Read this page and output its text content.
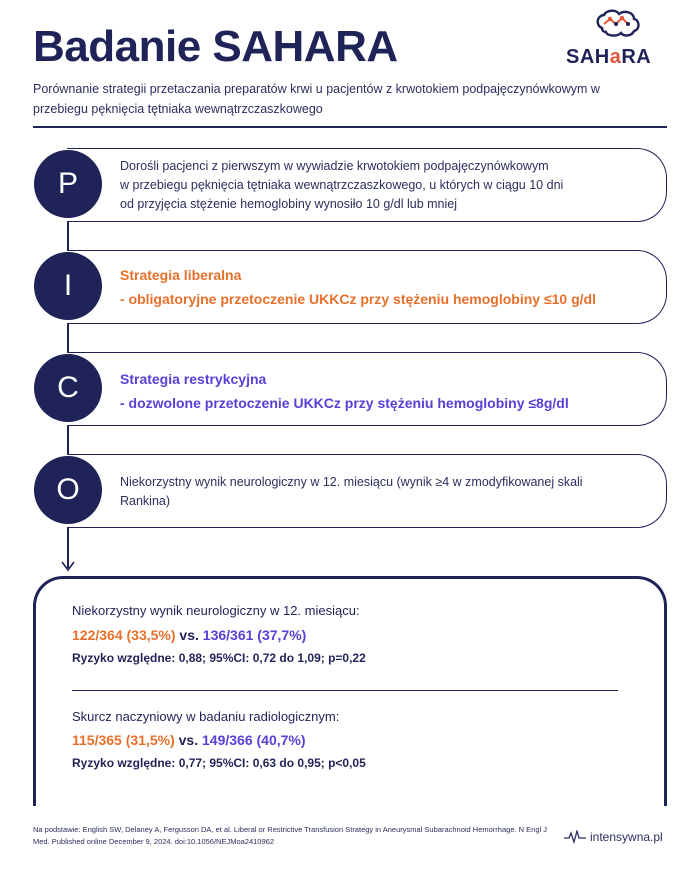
Badanie SAHARA	SAHaRA
Porównanie strategii przetaczania preparatów krwi u pacjentów z krwotokiem podpajęczynówkowym w przebiegu pęknięcia tętniaka wewnątrzczaszkowego
P
Dorośli pacjenci z pierwszym w wywiadzie krwotokiem podpajęczynówkowym
w przebiegu pęknięcia tętniaka wewnątrzczaszkowego, u których w ciągu 10 dni
od przyjęcia stężenie hemoglobiny wynosiło 10 g/dl lub mniej
I	Strategia liberalna
- obligatoryjne przetoczenie UKKCz przy stężeniu hemoglobiny ≤10 g/dl
C	Strategia restrykcyjna
- dozwolone przetoczenie UKKCz przy stężeniu hemoglobiny ≤8g/dl
O	Niekorzystny wynik neurologiczny w 12. miesiącu (wynik ≥4 w zmodyfikowanej skali
Rankina)
Niekorzystny wynik neurologiczny w 12. miesiącu:
122/364 (33,5%) vs. 136/361 (37,7%)
Ryzyko względne: 0,88; 95%CI: 0,72 do 1,09; p=0,22
Skurcz naczyniowy w badaniu radiologicznym:
115/365 (31,5%) vs. 149/366 (40,7%)
Ryzyko względne: 0,77; 95%CI: 0,63 do 0,95; p<0,05
Na podstawie: English SW, Delaney A, Fergusson DA, et al. Liberal or Restrictive Transfusion Strategy in Aneurysmal Subarachnoid Hemorrhage. N Engl J
Med. Published online December 9, 2024. doi:10.1056/NEJMoa2410962	intensywna.pl
